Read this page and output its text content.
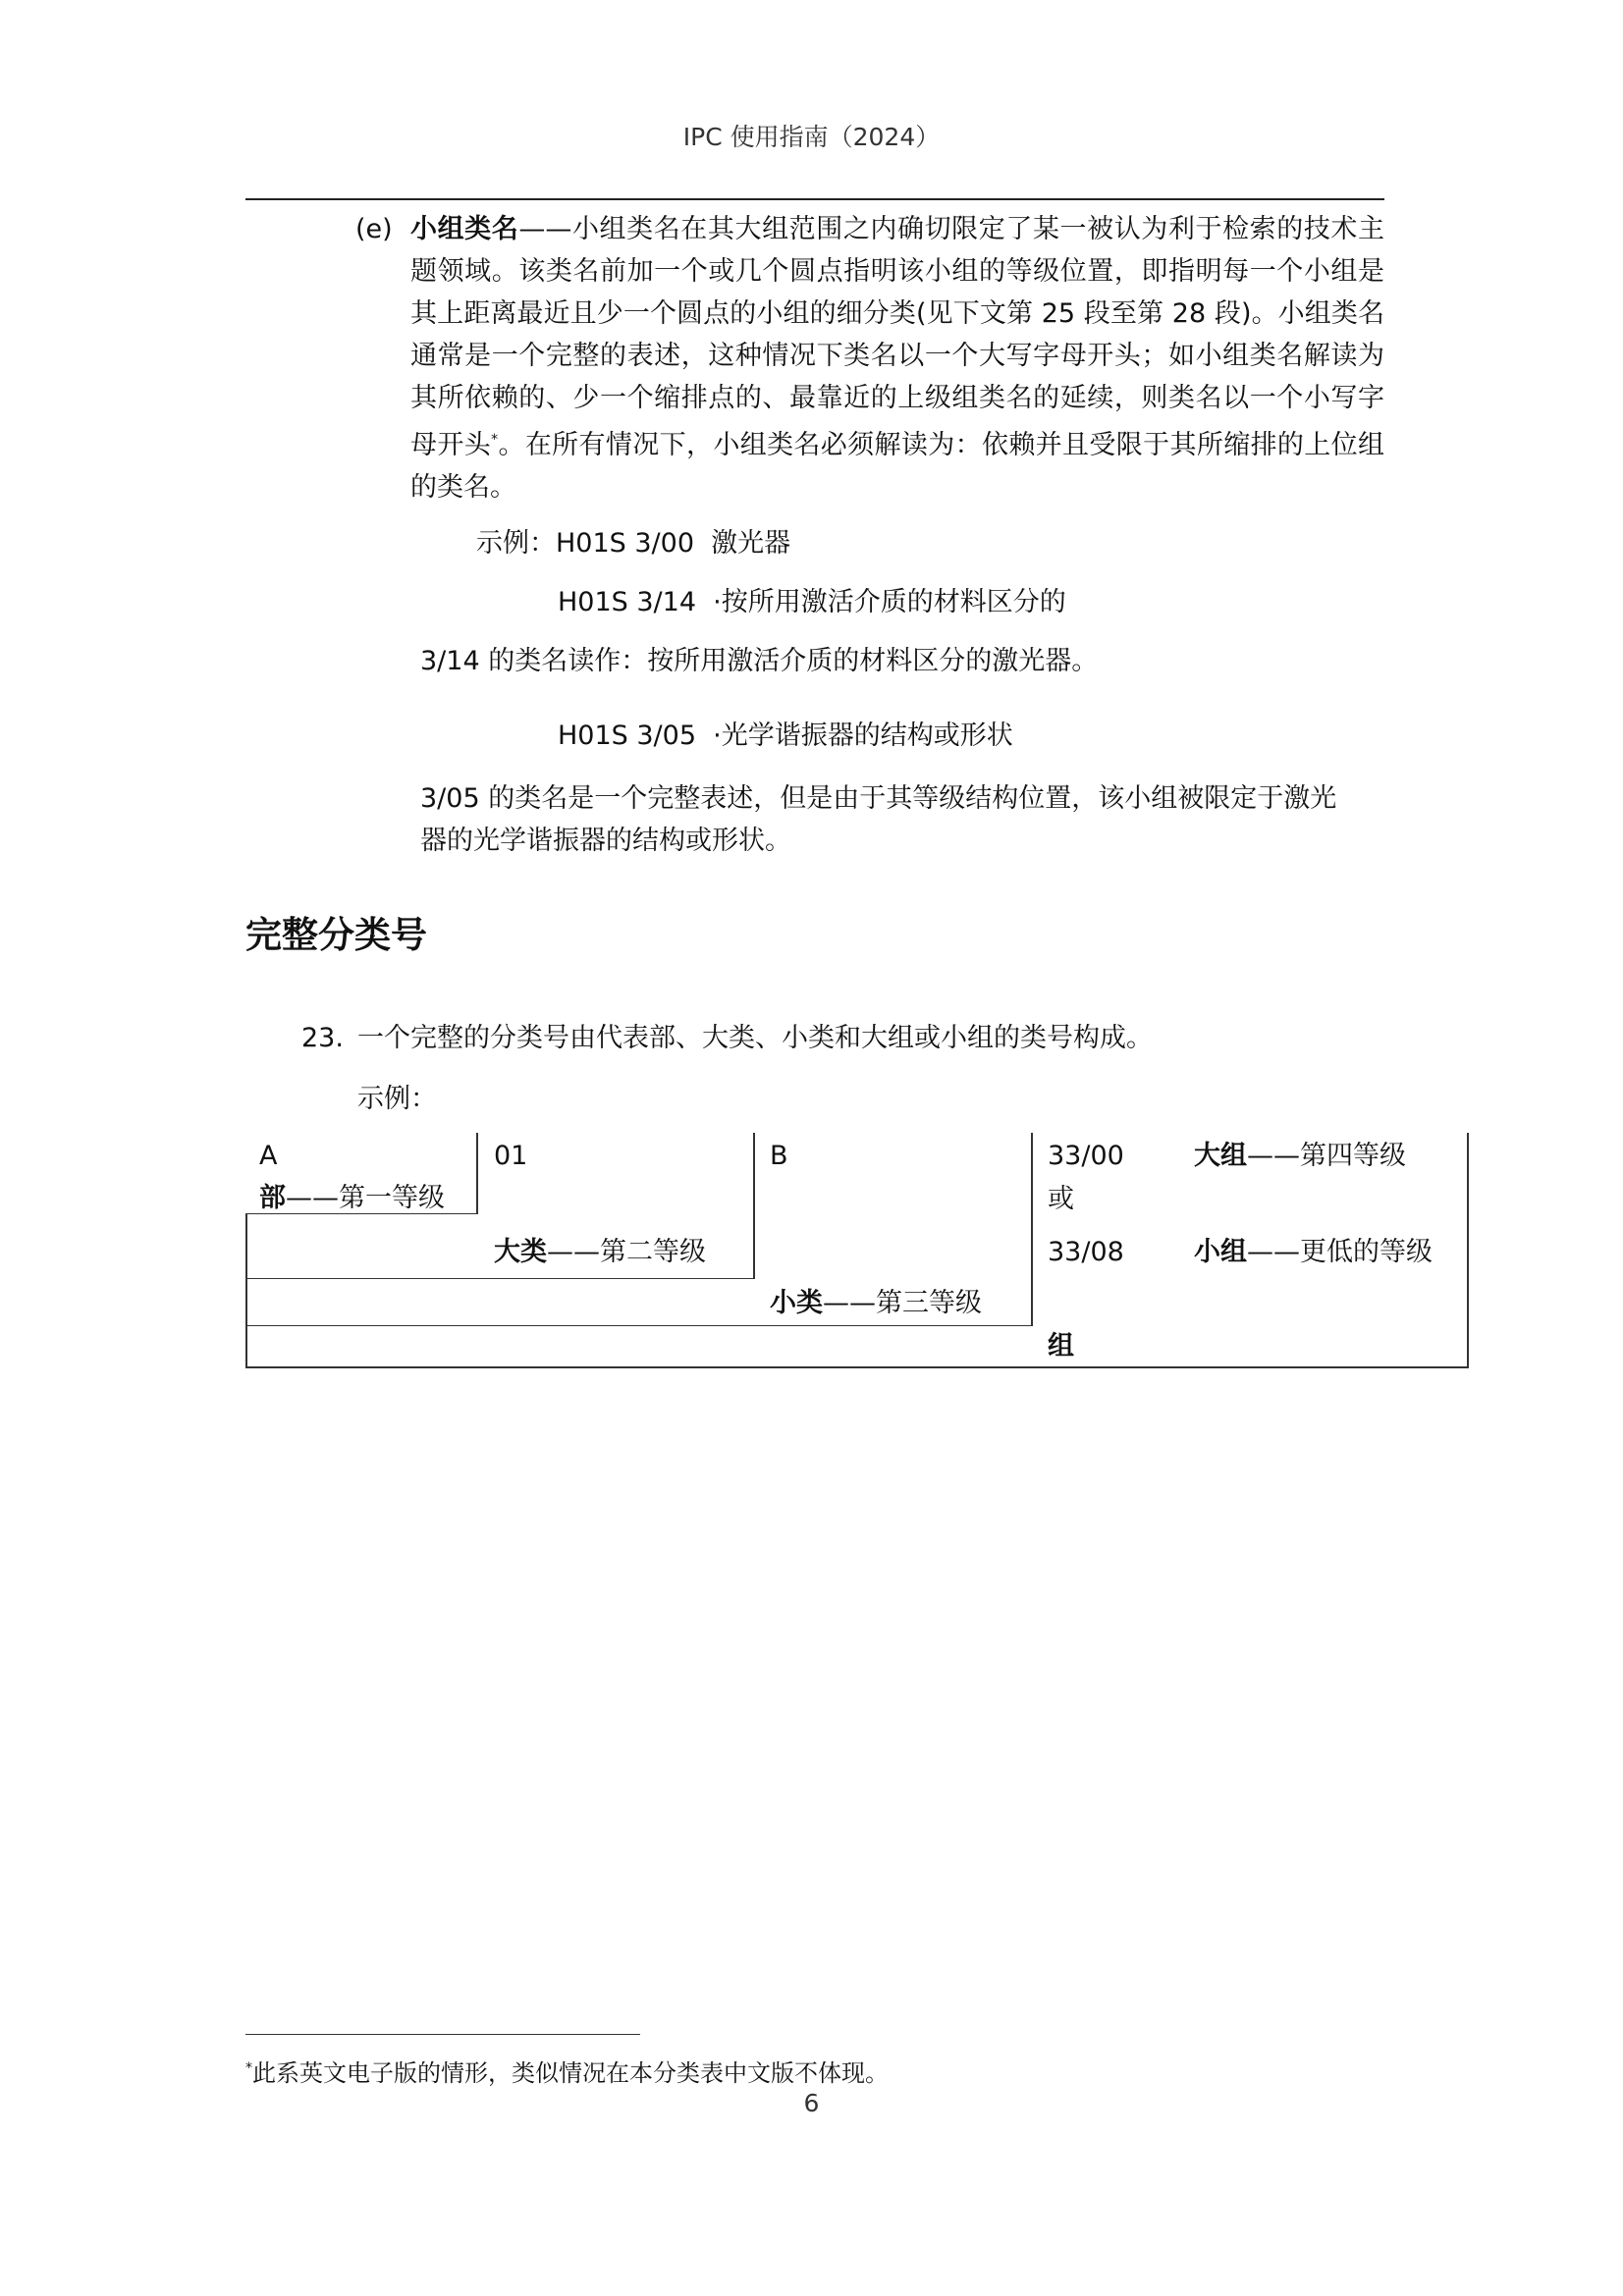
IPC 使用指南（2024）
(e) 小组类名——小组类名在其大组范围之内确切限定了某一被认为利于检索的技术主题领域。该类名前加一个或几个圆点指明该小组的等级位置，即指明每一个小组是其上距离最近且少一个圆点的小组的细分类(见下文第 25 段至第 28 段)。小组类名通常是一个完整的表述，这种情况下类名以一个大写字母开头；如小组类名解读为其所依赖的、少一个缩排点的、最靠近的上级组类名的延续，则类名以一个小写字母开头*。在所有情况下，小组类名必须解读为：依赖并且受限于其所缩排的上位组的类名。
示例：H01S 3/00  激光器
H01S 3/14  ·按所用激活介质的材料区分的
3/14 的类名读作：按所用激活介质的材料区分的激光器。
H01S 3/05  ·光学谐振器的结构或形状
3/05 的类名是一个完整表述，但是由于其等级结构位置，该小组被限定于激光
器的光学谐振器的结构或形状。
完整分类号
23. 一个完整的分类号由代表部、大类、小类和大组或小组的类号构成。
示例：
A
部——第一等级
01
大类——第二等级
B
小类——第三等级
33/00
或
33/08
组
大组——第四等级
小组——更低的等级
*此系英文电子版的情形，类似情况在本分类表中文版不体现。
6
